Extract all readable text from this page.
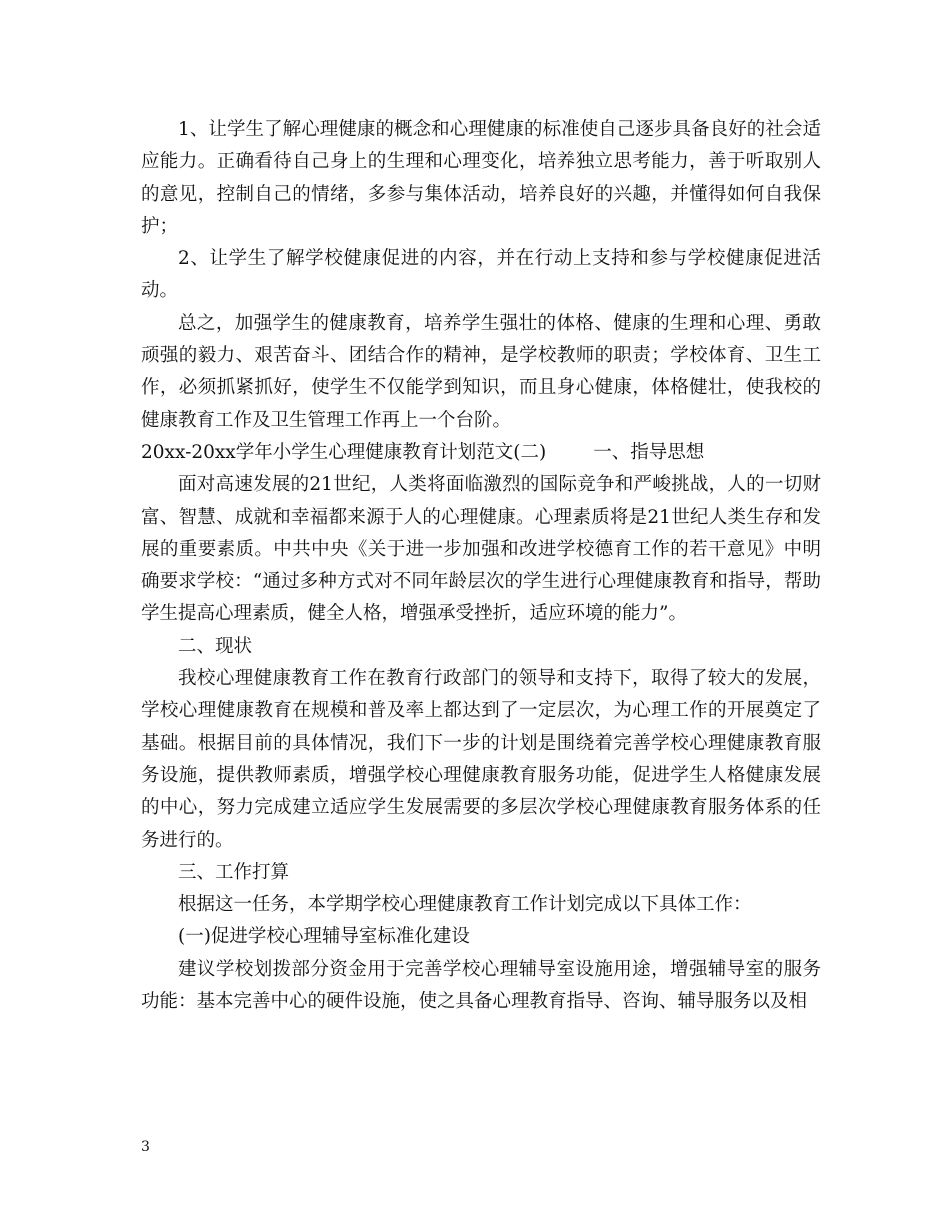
1、让学生了解心理健康的概念和心理健康的标准使自己逐步具备良好的社会适应能力。正确看待自己身上的生理和心理变化，培养独立思考能力，善于听取别人的意见，控制自己的情绪，多参与集体活动，培养良好的兴趣，并懂得如何自我保护；

2、让学生了解学校健康促进的内容，并在行动上支持和参与学校健康促进活动。

总之，加强学生的健康教育，培养学生强壮的体格、健康的生理和心理、勇敢顽强的毅力、艰苦奋斗、团结合作的精神，是学校教师的职责；学校体育、卫生工作，必须抓紧抓好，使学生不仅能学到知识，而且身心健康，体格健壮，使我校的健康教育工作及卫生管理工作再上一个台阶。

20xx-20xx学年小学生心理健康教育计划范文(二)        一、指导思想

面对高速发展的21世纪，人类将面临激烈的国际竞争和严峻挑战，人的一切财富、智慧、成就和幸福都来源于人的心理健康。心理素质将是21世纪人类生存和发展的重要素质。中共中央《关于进一步加强和改进学校德育工作的若干意见》中明确要求学校：“通过多种方式对不同年龄层次的学生进行心理健康教育和指导，帮助学生提高心理素质，健全人格，增强承受挫折，适应环境的能力”。

二、现状

我校心理健康教育工作在教育行政部门的领导和支持下，取得了较大的发展，学校心理健康教育在规模和普及率上都达到了一定层次，为心理工作的开展奠定了基础。根据目前的具体情况，我们下一步的计划是围绕着完善学校心理健康教育服务设施，提供教师素质，增强学校心理健康教育服务功能，促进学生人格健康发展的中心，努力完成建立适应学生发展需要的多层次学校心理健康教育服务体系的任务进行的。

三、工作打算

根据这一任务，本学期学校心理健康教育工作计划完成以下具体工作：

(一)促进学校心理辅导室标准化建设

建议学校划拨部分资金用于完善学校心理辅导室设施用途，增强辅导室的服务功能：基本完善中心的硬件设施，使之具备心理教育指导、咨询、辅导服务以及相

3
